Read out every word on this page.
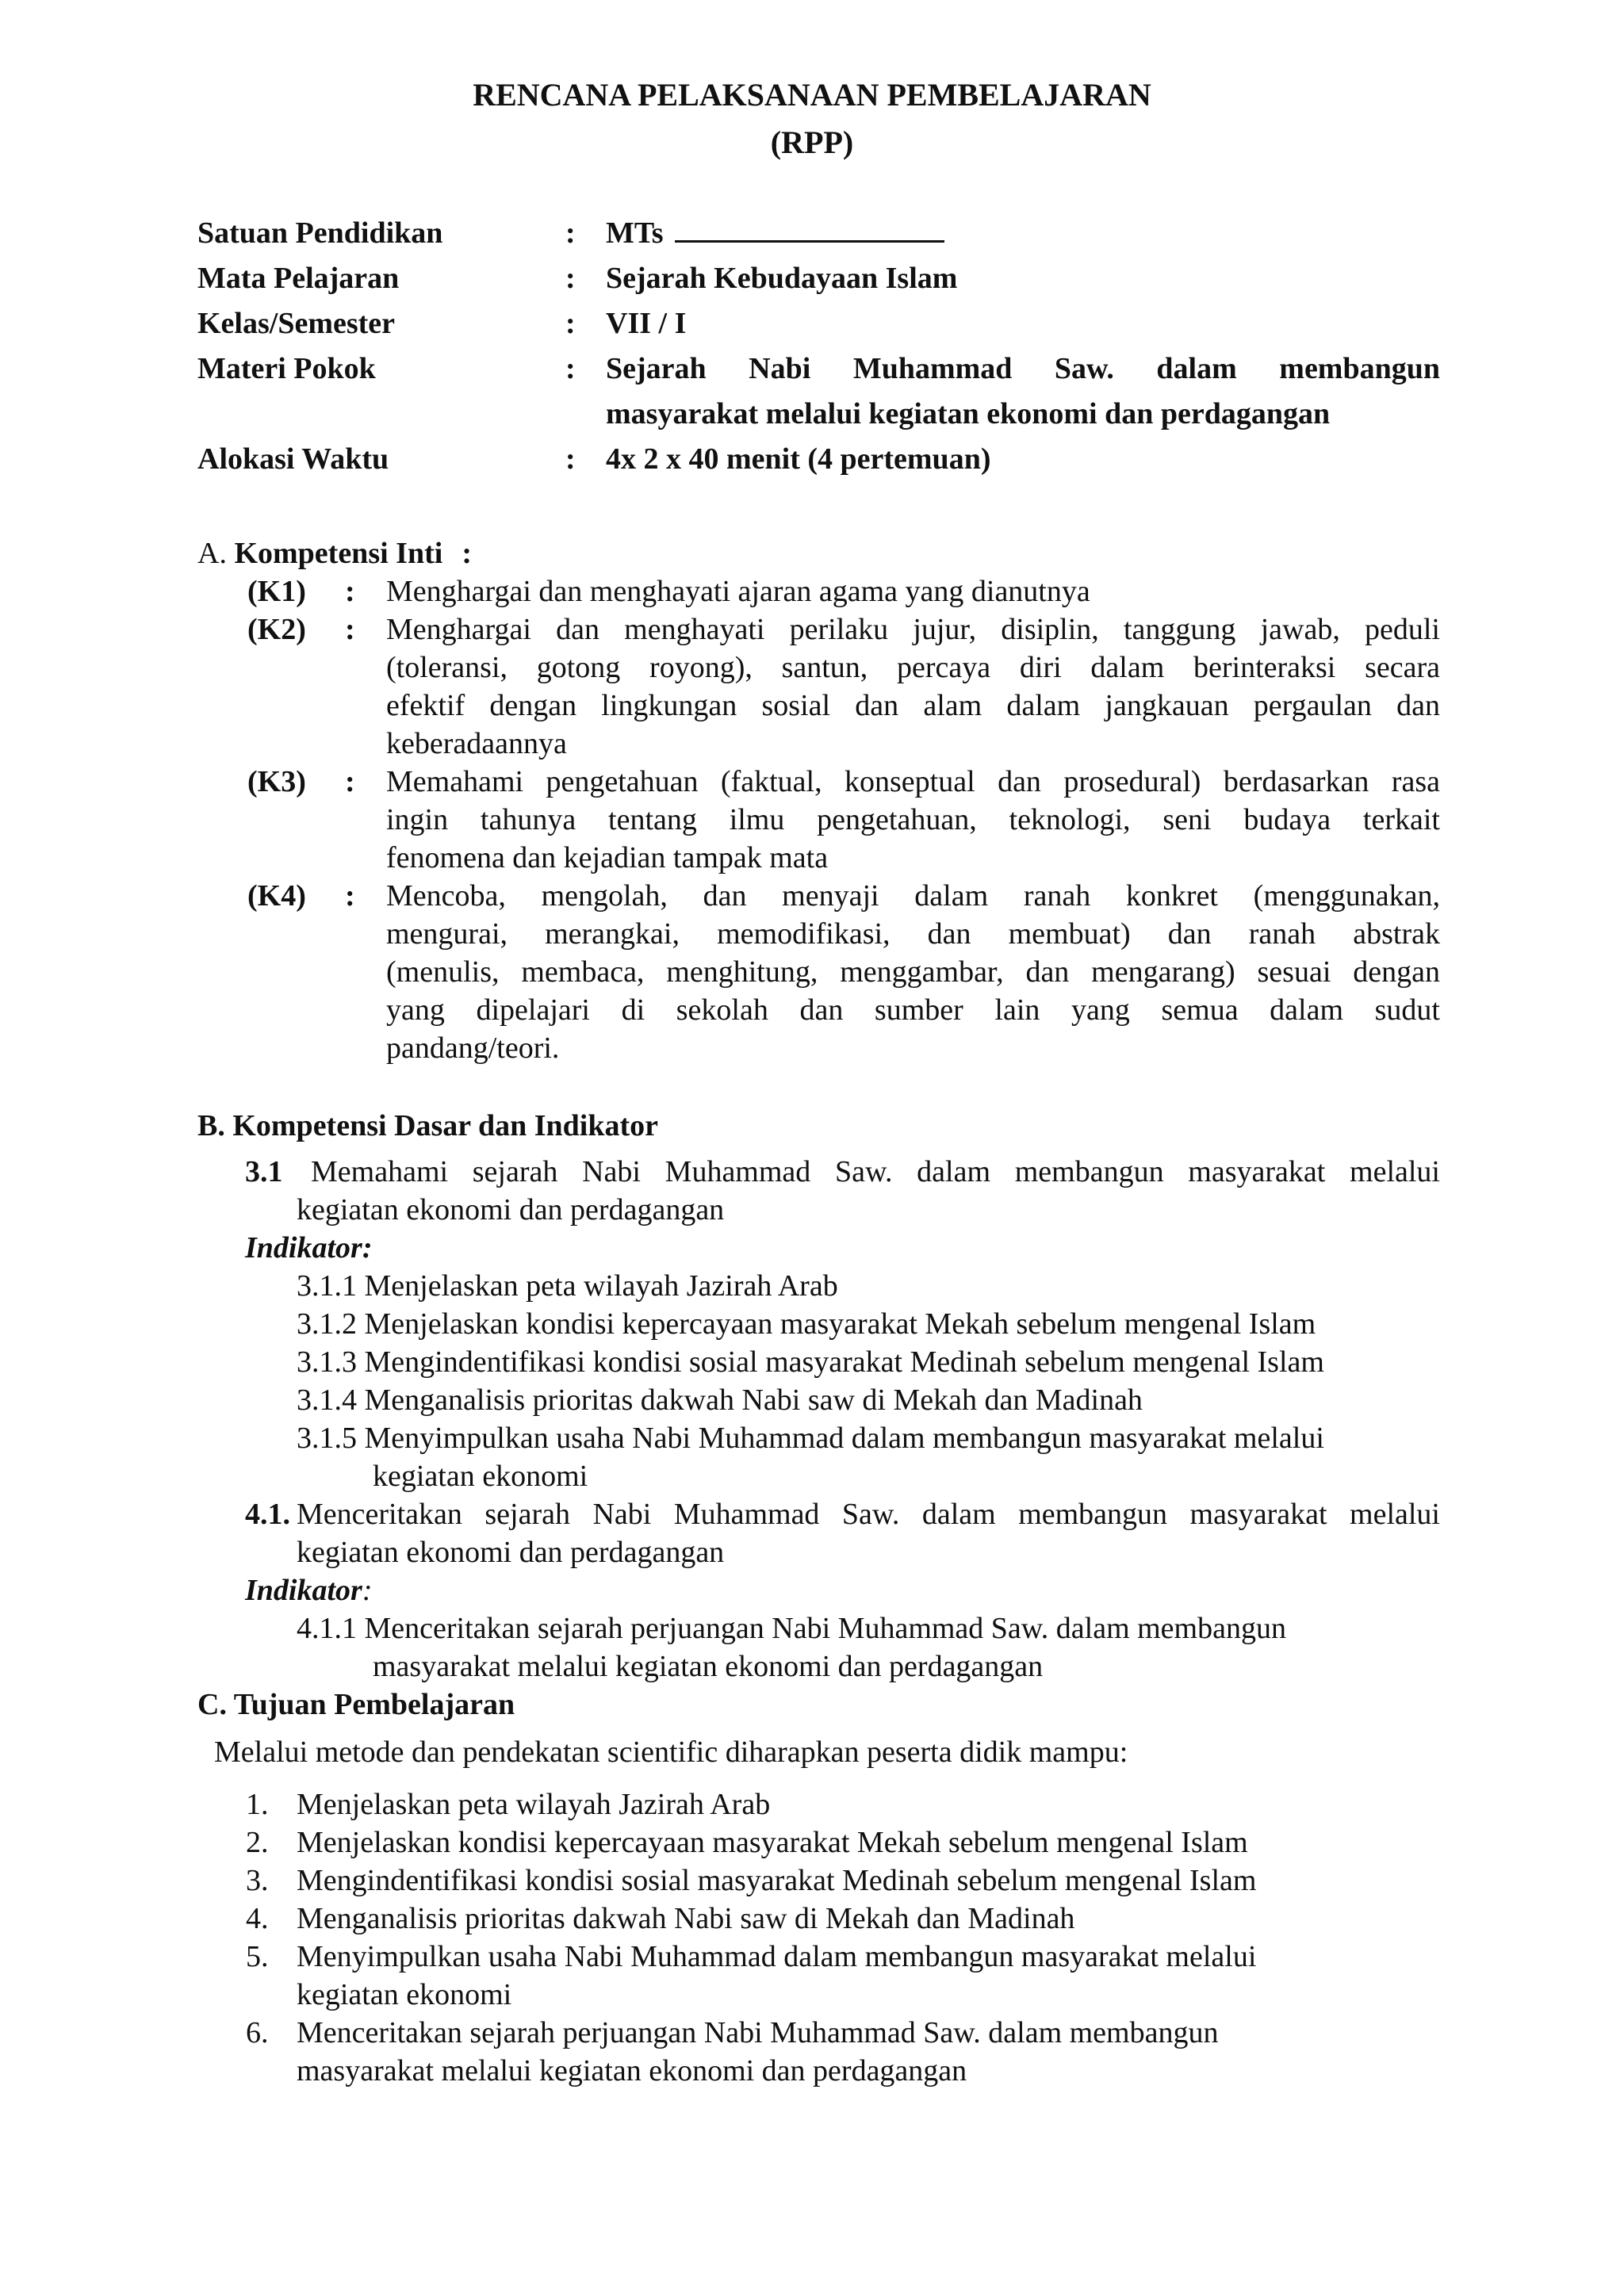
RENCANA PELAKSANAAN PEMBELAJARAN
(RPP)
Satuan Pendidikan	: MTs
Mata Pelajaran	: Sejarah Kebudayaan Islam
Kelas/Semester	: VII / I
Materi Pokok	: Sejarah Nabi Muhammad Saw. dalam membangun
masyarakat melalui kegiatan ekonomi dan perdagangan
Alokasi Waktu	: 4x 2 x 40 menit (4 pertemuan)
A. Kompetensi Inti :
(K1) : Menghargai dan menghayati ajaran agama yang dianutnya
(K2) : Menghargai dan menghayati perilaku jujur, disiplin, tanggung jawab, peduli
(toleransi, gotong royong), santun, percaya diri dalam berinteraksi secara
efektif dengan lingkungan sosial dan alam dalam jangkauan pergaulan dan
keberadaannya
(K3) : Memahami pengetahuan (faktual, konseptual dan prosedural) berdasarkan rasa
ingin tahunya tentang ilmu pengetahuan, teknologi, seni budaya terkait
fenomena dan kejadian tampak mata
(K4) : Mencoba, mengolah, dan menyaji dalam ranah konkret (menggunakan,
mengurai, merangkai, memodifikasi, dan membuat) dan ranah abstrak
(menulis, membaca, menghitung, menggambar, dan mengarang) sesuai dengan
yang dipelajari di sekolah dan sumber lain yang semua dalam sudut
pandang/teori.
B. Kompetensi Dasar dan Indikator
3.1 Memahami sejarah Nabi Muhammad Saw. dalam membangun masyarakat melalui
kegiatan ekonomi dan perdagangan
Indikator:
3.1.1 Menjelaskan peta wilayah Jazirah Arab
3.1.2 Menjelaskan kondisi kepercayaan masyarakat Mekah sebelum mengenal Islam
3.1.3 Mengindentifikasi kondisi sosial masyarakat Medinah sebelum mengenal Islam
3.1.4 Menganalisis prioritas dakwah Nabi saw di Mekah dan Madinah
3.1.5 Menyimpulkan usaha Nabi Muhammad dalam membangun masyarakat melalui
kegiatan ekonomi
4.1. Menceritakan sejarah Nabi Muhammad Saw. dalam membangun masyarakat melalui
kegiatan ekonomi dan perdagangan
Indikator:
4.1.1 Menceritakan sejarah perjuangan Nabi Muhammad Saw. dalam membangun
masyarakat melalui kegiatan ekonomi dan perdagangan
C. Tujuan Pembelajaran
Melalui metode dan pendekatan scientific diharapkan peserta didik mampu:
1. Menjelaskan peta wilayah Jazirah Arab
2. Menjelaskan kondisi kepercayaan masyarakat Mekah sebelum mengenal Islam
3. Mengindentifikasi kondisi sosial masyarakat Medinah sebelum mengenal Islam
4. Menganalisis prioritas dakwah Nabi saw di Mekah dan Madinah
5. Menyimpulkan usaha Nabi Muhammad dalam membangun masyarakat melalui
kegiatan ekonomi
6. Menceritakan sejarah perjuangan Nabi Muhammad Saw. dalam membangun
masyarakat melalui kegiatan ekonomi dan perdagangan
